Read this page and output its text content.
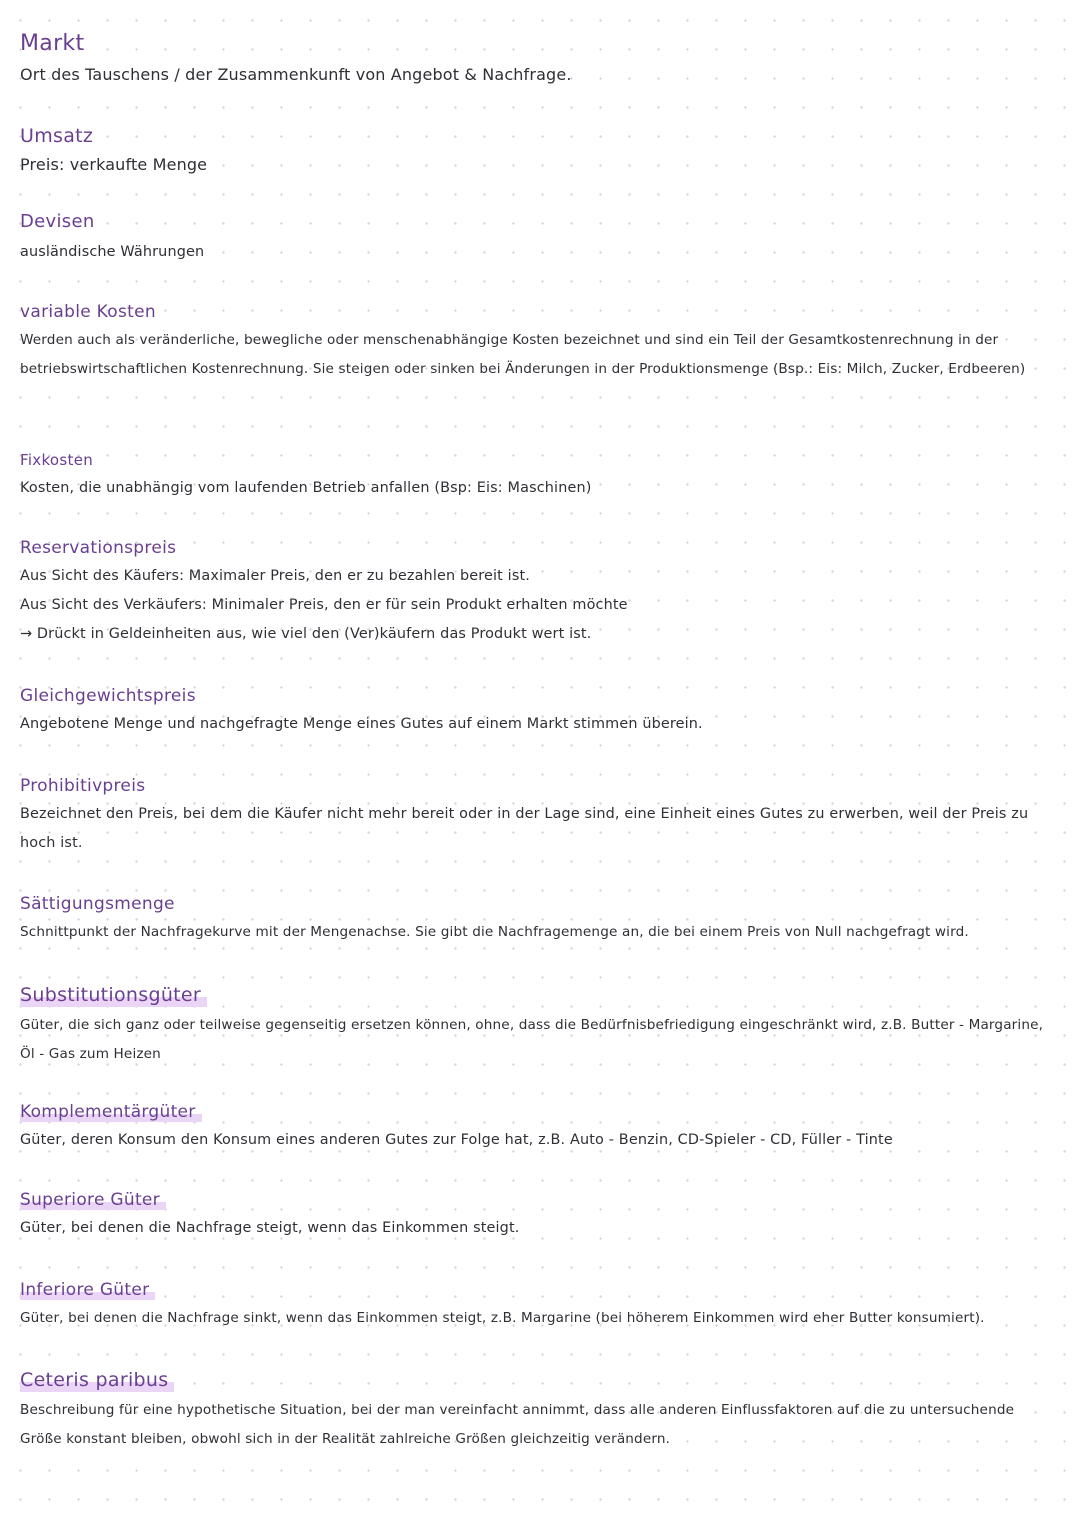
Markt
Ort des Tauschens / der Zusammenkunft von Angebot & Nachfrage.
Umsatz
Preis: verkaufte Menge
Devisen
ausländische Währungen
variable Kosten
Werden auch als veränderliche, bewegliche oder menschenabhängige Kosten bezeichnet und sind ein Teil der Gesamtkostenrechnung in der betriebswirtschaftlichen Kostenrechnung. Sie steigen oder sinken bei Änderungen in der Produktionsmenge (Bsp.: Eis: Milch, Zucker, Erdbeeren)
Fixkosten
Kosten, die unabhängig vom laufenden Betrieb anfallen (Bsp: Eis: Maschinen)
Reservationspreis
Aus Sicht des Käufers: Maximaler Preis, den er zu bezahlen bereit ist.
Aus Sicht des Verkäufers: Minimaler Preis, den er für sein Produkt erhalten möchte
→ Drückt in Geldeinheiten aus, wie viel den (Ver)käufern das Produkt wert ist.
Gleichgewichtspreis
Angebotene Menge und nachgefragte Menge eines Gutes auf einem Markt stimmen überein.
Prohibitivpreis
Bezeichnet den Preis, bei dem die Käufer nicht mehr bereit oder in der Lage sind, eine Einheit eines Gutes zu erwerben, weil der Preis zu hoch ist.
Sättigungsmenge
Schnittpunkt der Nachfragekurve mit der Mengenachse. Sie gibt die Nachfragemenge an, die bei einem Preis von Null nachgefragt wird.
Substitutionsgüter
Güter, die sich ganz oder teilweise gegenseitig ersetzen können, ohne, dass die Bedürfnisbefriedigung eingeschränkt wird, z.B. Butter - Margarine, Öl - Gas zum Heizen
Komplementärgüter
Güter, deren Konsum den Konsum eines anderen Gutes zur Folge hat, z.B. Auto - Benzin, CD-Spieler - CD, Füller - Tinte
Superiore Güter
Güter, bei denen die Nachfrage steigt, wenn das Einkommen steigt.
Inferiore Güter
Güter, bei denen die Nachfrage sinkt, wenn das Einkommen steigt, z.B. Margarine (bei höherem Einkommen wird eher Butter konsumiert).
Ceteris paribus
Beschreibung für eine hypothetische Situation, bei der man vereinfacht annimmt, dass alle anderen Einflussfaktoren auf die zu untersuchende Größe konstant bleiben, obwohl sich in der Realität zahlreiche Größen gleichzeitig verändern.
